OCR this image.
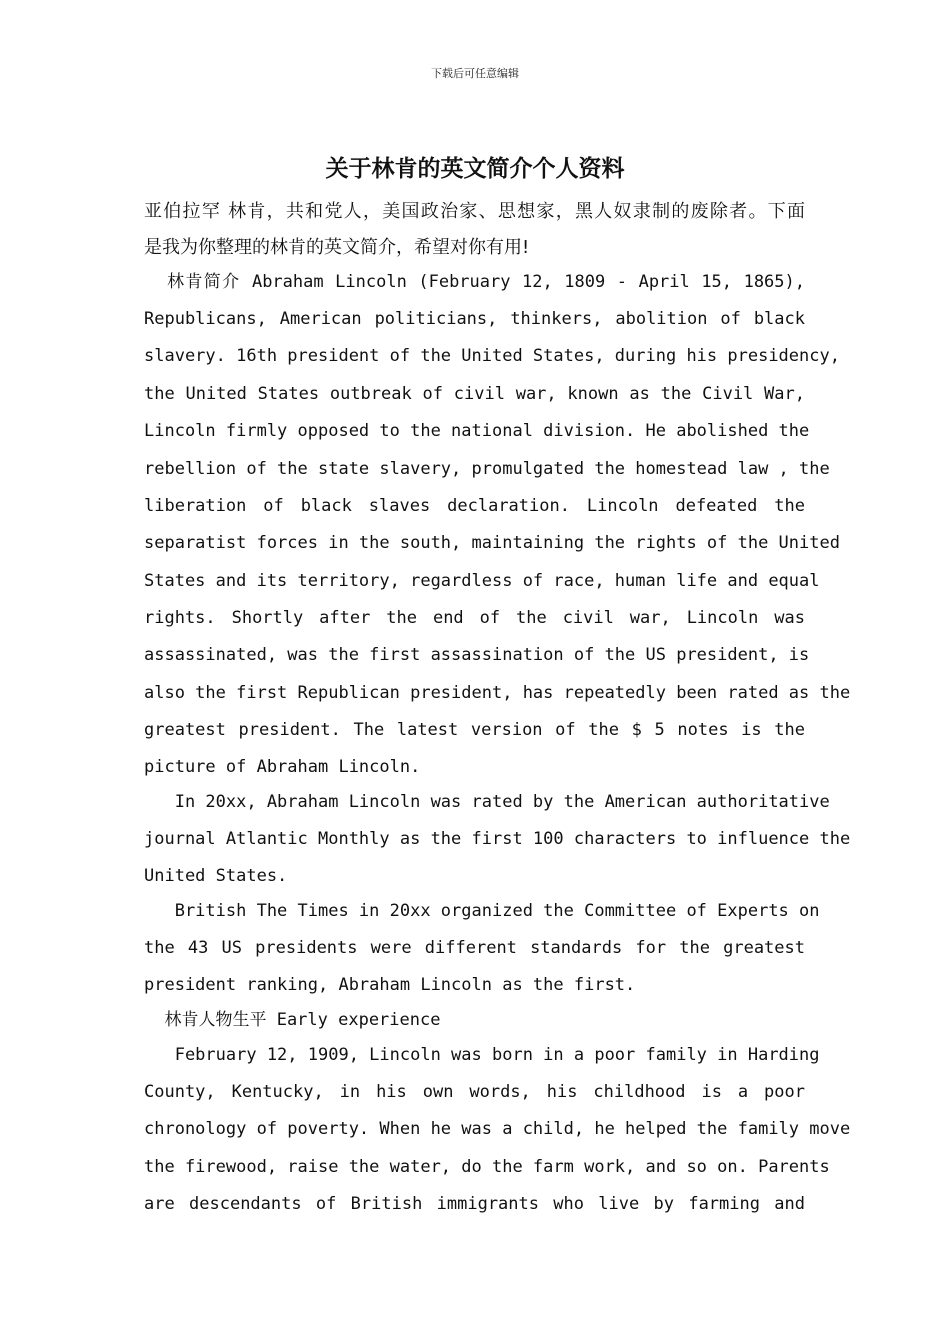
下载后可任意编辑
关于林肯的英文简介个人资料
亚伯拉罕 林肯，共和党人，美国政治家、思想家，黑人奴隶制的废除者。下面
是我为你整理的林肯的英文简介，希望对你有用!
林肯简介 Abraham Lincoln (February 12, 1809 - April 15, 1865),
Republicans, American politicians, thinkers, abolition of black
slavery. 16th president of the United States, during his presidency,
the United States outbreak of civil war, known as the Civil War,
Lincoln firmly opposed to the national division. He abolished the
rebellion of the state slavery, promulgated the homestead law , the
liberation of black slaves declaration. Lincoln defeated the
separatist forces in the south, maintaining the rights of the United
States and its territory, regardless of race, human life and equal
rights. Shortly after the end of the civil war, Lincoln was
assassinated, was the first assassination of the US president, is
also the first Republican president, has repeatedly been rated as the
greatest president. The latest version of the $ 5 notes is the
picture of Abraham Lincoln.
In 20xx, Abraham Lincoln was rated by the American authoritative
journal Atlantic Monthly as the first 100 characters to influence the
United States.
British The Times in 20xx organized the Committee of Experts on
the 43 US presidents were different standards for the greatest
president ranking, Abraham Lincoln as the first.
林肯人物生平 Early experience
February 12, 1909, Lincoln was born in a poor family in Harding
County, Kentucky, in his own words, his childhood is a poor
chronology of poverty. When he was a child, he helped the family move
the firewood, raise the water, do the farm work, and so on. Parents
are descendants of British immigrants who live by farming and
